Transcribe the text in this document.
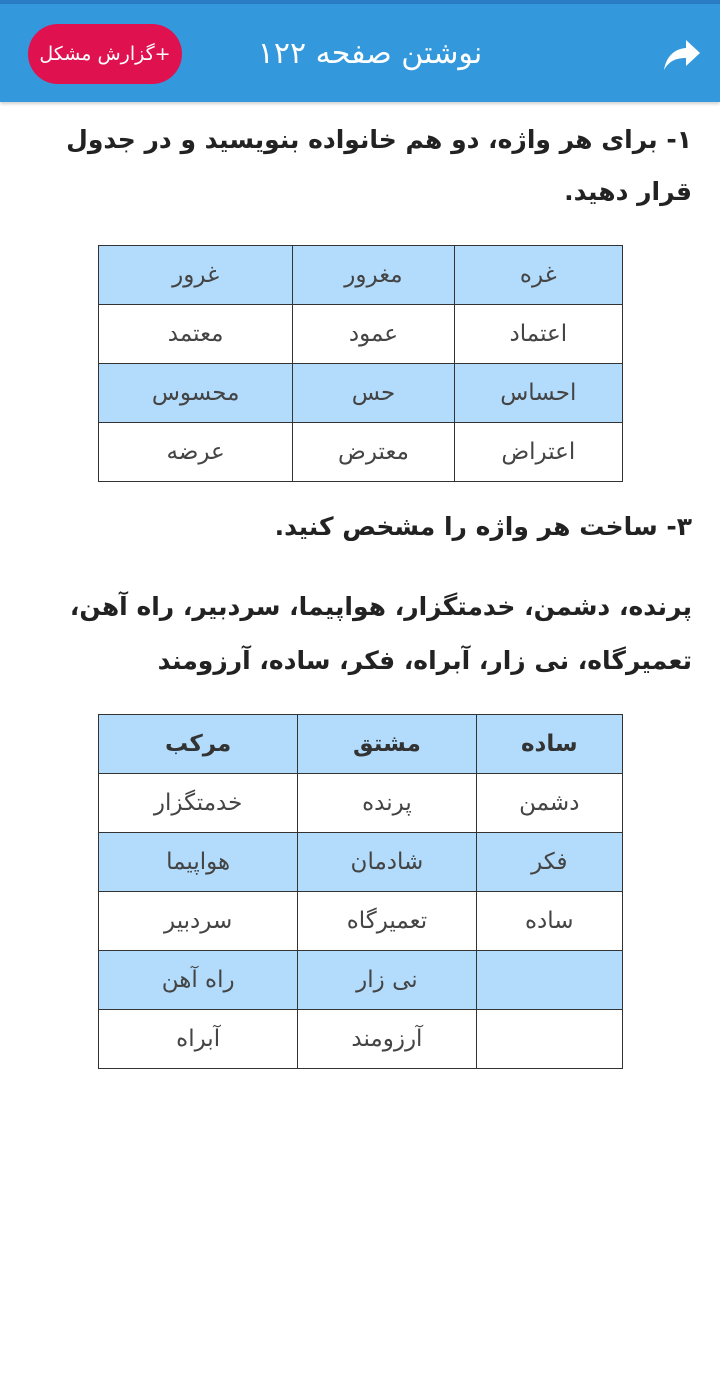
+گزارش مشکل	نوشتن صفحه ۱۲۲
۱- برای هر واژه، دو هم خانواده بنویسید و در جدول قرار دهید.
غره	مغرور	غرور
اعتماد	عمود	معتمد
احساس	حس	محسوس
اعتراض	معترض	عرضه
۳- ساخت هر واژه را مشخص کنید.
پرنده، دشمن، خدمتگزار، هواپیما، سردبیر، راه آهن، تعمیرگاه، نی زار، آبراه، فکر، ساده، آرزومند
ساده	مشتق	مرکب
دشمن	پرنده	خدمتگزار
فکر	شادمان	هواپیما
ساده	تعمیرگاه	سردبیر
	نی زار	راه آهن
	آرزومند	آبراه
